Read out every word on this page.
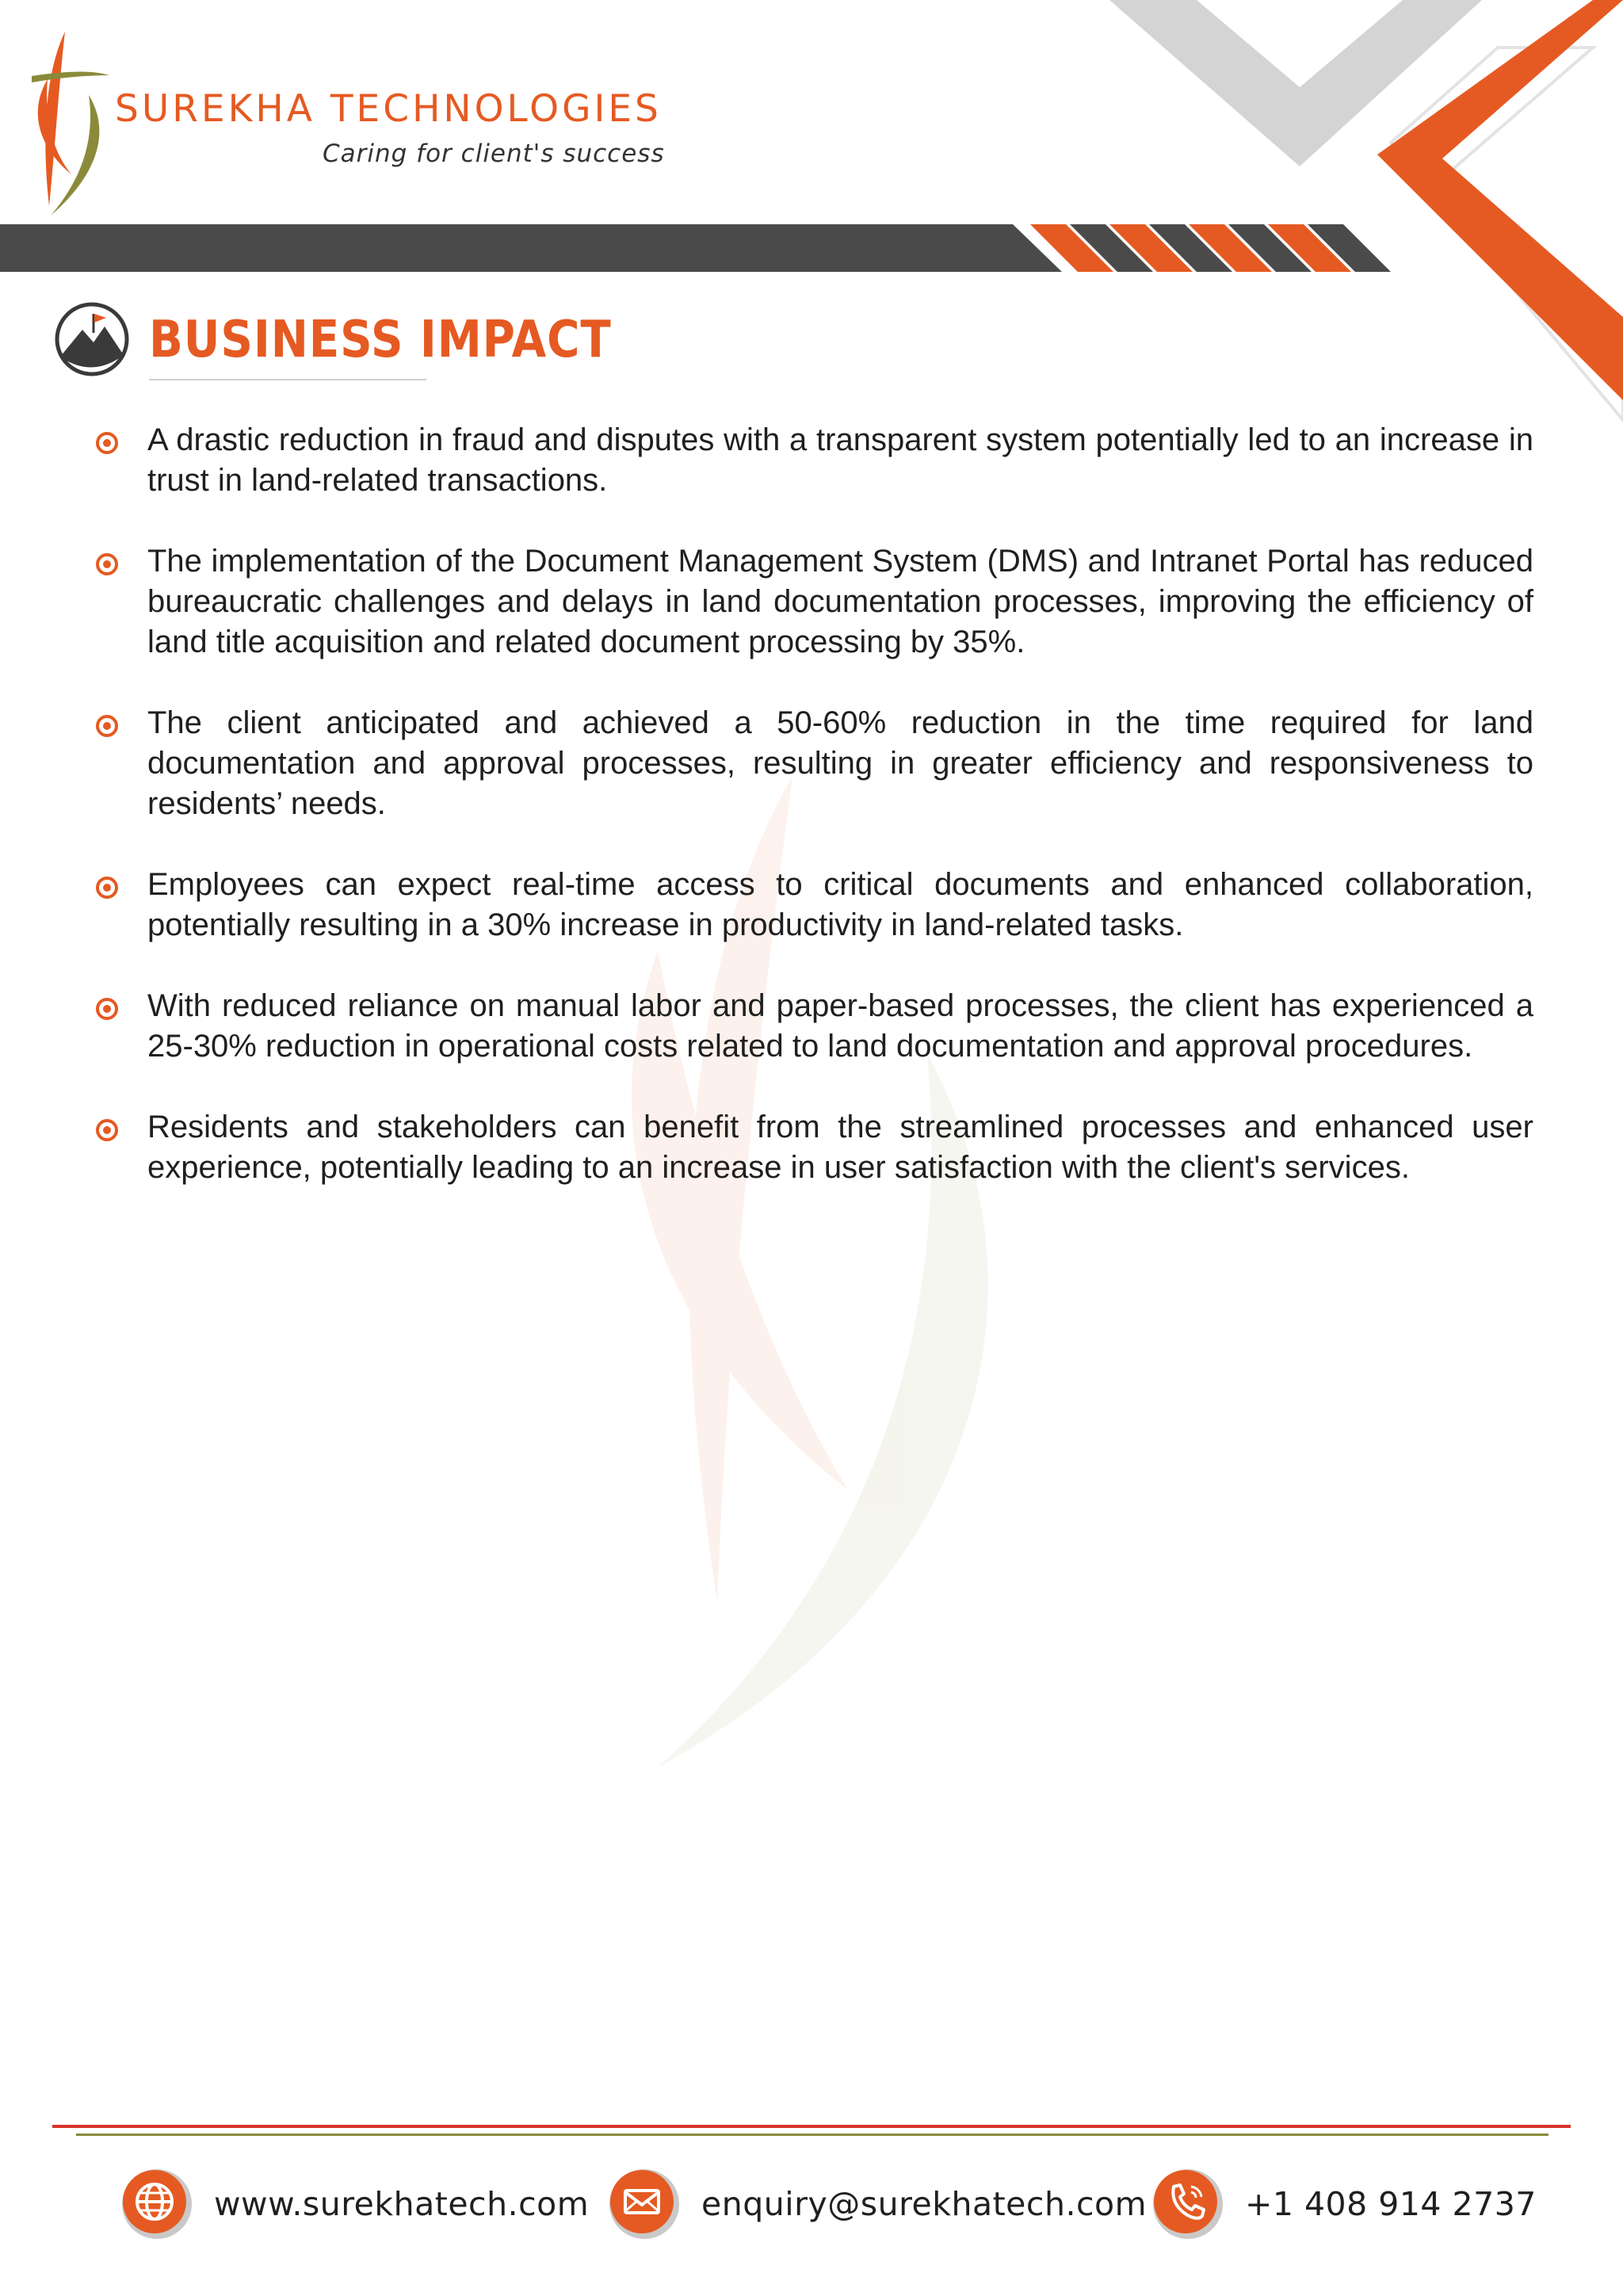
SUREKHA TECHNOLOGIES
Caring for client's success
BUSINESS IMPACT
A drastic reduction in fraud and disputes with a transparent system potentially led to an increase in trust in land-related transactions.
The implementation of the Document Management System (DMS) and Intranet Portal has reduced bureaucratic challenges and delays in land documentation processes, improving the efficiency of land title acquisition and related document processing by 35%.
The client anticipated and achieved a 50-60% reduction in the time required for land documentation and approval processes, resulting in greater efficiency and responsiveness to residents’ needs.
Employees can expect real-time access to critical documents and enhanced collaboration, potentially resulting in a 30% increase in productivity in land-related tasks.
With reduced reliance on manual labor and paper-based processes, the client has experienced a 25-30% reduction in operational costs related to land documentation and approval procedures.
Residents and stakeholders can benefit from the streamlined processes and enhanced user experience, potentially leading to an increase in user satisfaction with the client's services.
www.surekhatech.com	enquiry@surekhatech.com	+1 408 914 2737
